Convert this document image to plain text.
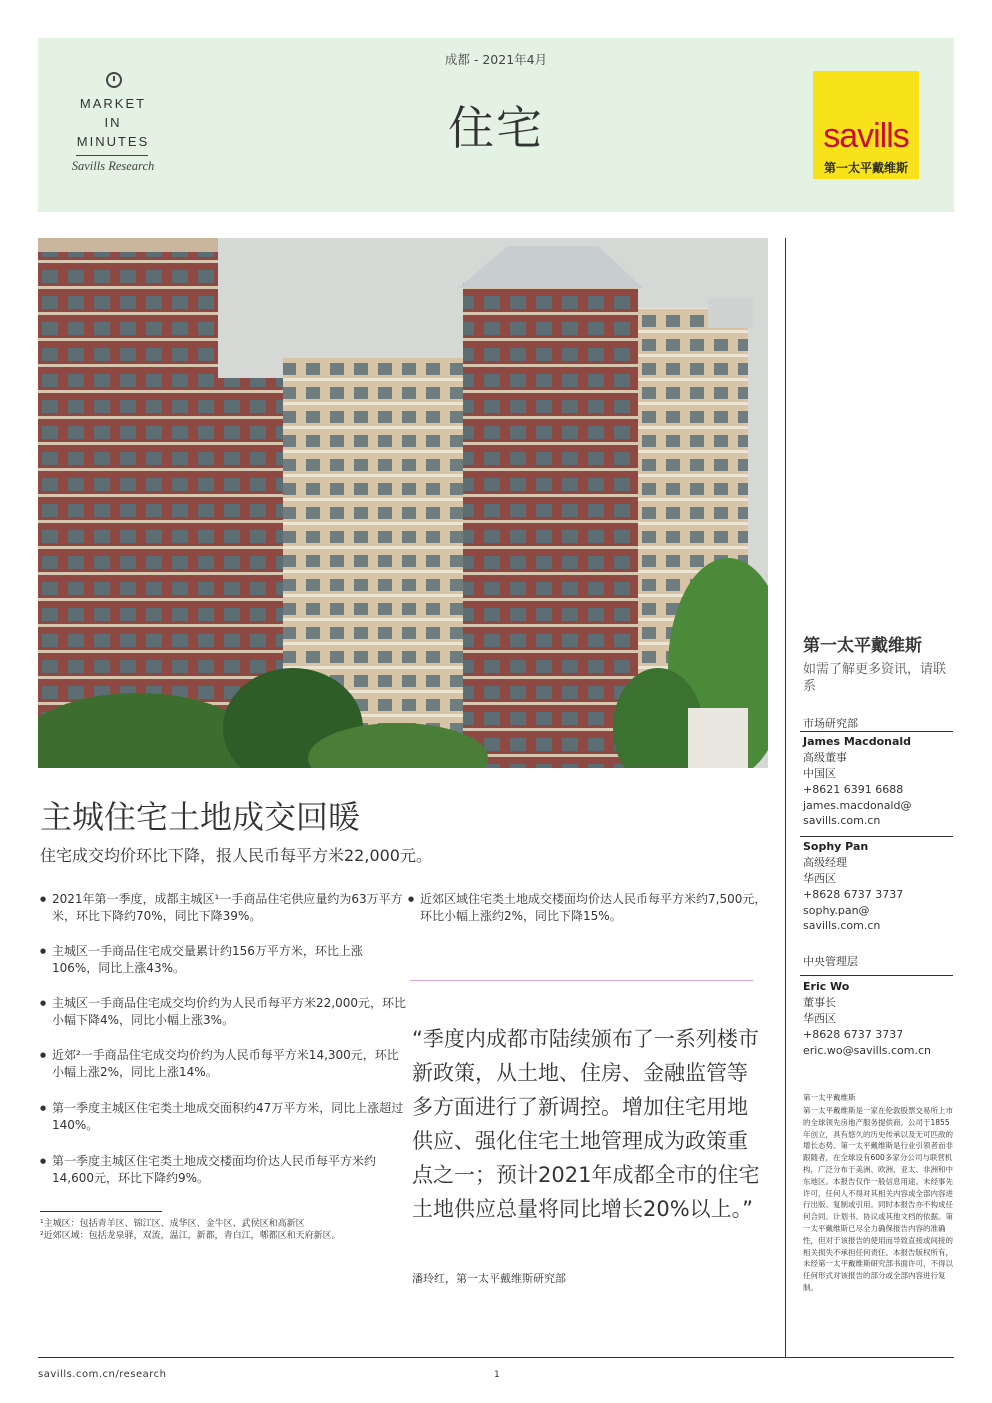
MARKET
IN
MINUTES
Savills Research
成都 - 2021年4月
住宅	savills
第一太平戴维斯
主城住宅土地成交回暖
住宅成交均价环比下降，报人民币每平方米22,000元。
● 2021年第一季度，成都主城区¹一手商品住宅供应量约为63万平方米，环比下降约70%，同比下降39%。
● 主城区一手商品住宅成交量累计约156万平方米，环比上涨106%，同比上涨43%。
● 主城区一手商品住宅成交均价约为人民币每平方米22,000元，环比小幅下降4%，同比小幅上涨3%。
● 近郊²一手商品住宅成交均价约为人民币每平方米14,300元，环比小幅上涨2%，同比上涨14%。
● 第一季度主城区住宅类土地成交面积约47万平方米，同比上涨超过140%。
● 第一季度主城区住宅类土地成交楼面均价达人民币每平方米约14,600元，环比下降约9%。
● 近郊区域住宅类土地成交楼面均价达人民币每平方米约7,500元，环比小幅上涨约2%，同比下降15%。
¹主城区：包括青羊区、锦江区、成华区、金牛区、武侯区和高新区
²近郊区域：包括龙泉驿，双流，温江，新都，青白江，郫都区和天府新区。
“季度内成都市陆续颁布了一系列楼市新政策，从土地、住房、金融监管等多方面进行了新调控。增加住宅用地供应、强化住宅土地管理成为政策重点之一；预计2021年成都全市的住宅土地供应总量将同比增长20%以上。”
潘玲红，第一太平戴维斯研究部
第一太平戴维斯
如需了解更多资讯，请联系
市场研究部
James Macdonald
高级董事
中国区
+8621 6391 6688
james.macdonald@
savills.com.cn
Sophy Pan
高级经理
华西区
+8628 6737 3737
sophy.pan@
savills.com.cn
中央管理层
Eric Wo
董事长
华西区
+8628 6737 3737
eric.wo@savills.com.cn
第一太平戴维斯
第一太平戴维斯是一家在伦敦股票交易所上市的全球领先房地产服务提供商。公司于1855年创立，具有悠久的历史传承以及无可匹敌的增长态势。第一太平戴维斯是行业引领者而非跟随者，在全球设有600多家分公司与联营机构，广泛分布于美洲、欧洲、亚太、非洲和中东地区。本报告仅作一般信息用途。未经事先许可，任何人不得对其相关内容或全部内容进行出版、复制或引用。同时本报告亦不构成任何合同、计划书、协议或其他文档的依据。第一太平戴维斯已尽全力确保报告内容的准确性，但对于该报告的使用而导致直接或间接的相关损失不承担任何责任。本报告版权所有，未经第一太平戴维斯研究部书面许可，不得以任何形式对该报告的部分或全部内容进行复制。
savills.com.cn/research	1
